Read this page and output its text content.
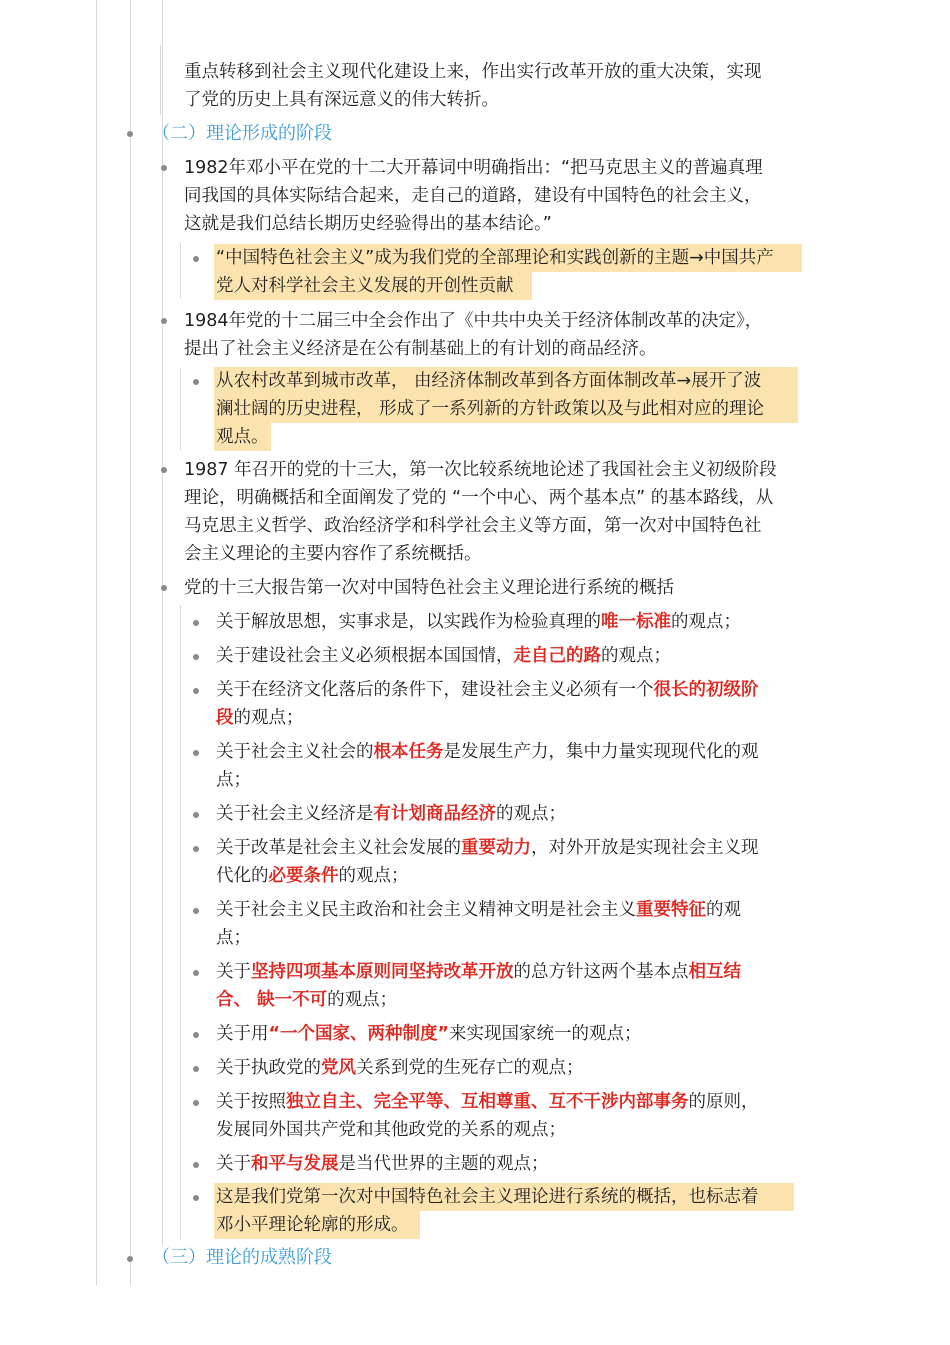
重点转移到社会主义现代化建设上来，作出实行改革开放的重大决策，实现
了党的历史上具有深远意义的伟大转折。
（二）理论形成的阶段
1982年邓小平在党的十二大开幕词中明确指出：“把马克思主义的普遍真理
同我国的具体实际结合起来，走自己的道路，建设有中国特色的社会主义，
这就是我们总结长期历史经验得出的基本结论。”
“中国特色社会主义”成为我们党的全部理论和实践创新的主题→中国共产
党人对科学社会主义发展的开创性贡献
1984年党的十二届三中全会作出了《中共中央关于经济体制改革的决定》，
提出了社会主义经济是在公有制基础上的有计划的商品经济。
从农村改革到城市改革， 由经济体制改革到各方面体制改革→展开了波
澜壮阔的历史进程， 形成了一系列新的方针政策以及与此相对应的理论
观点。
1987 年召开的党的十三大，第一次比较系统地论述了我国社会主义初级阶段
理论，明确概括和全面阐发了党的 “一个中心、两个基本点” 的基本路线，从
马克思主义哲学、政治经济学和科学社会主义等方面，第一次对中国特色社
会主义理论的主要内容作了系统概括。
党的十三大报告第一次对中国特色社会主义理论进行系统的概括
关于解放思想，实事求是，以实践作为检验真理的唯一标准的观点；
关于建设社会主义必须根据本国国情，走自己的路的观点；
关于在经济文化落后的条件下，建设社会主义必须有一个很长的初级阶
段的观点；
关于社会主义社会的根本任务是发展生产力，集中力量实现现代化的观
点；
关于社会主义经济是有计划商品经济的观点；
关于改革是社会主义社会发展的重要动力，对外开放是实现社会主义现
代化的必要条件的观点；
关于社会主义民主政治和社会主义精神文明是社会主义重要特征的观
点；
关于坚持四项基本原则同坚持改革开放的总方针这两个基本点相互结
合、 缺一不可的观点；
关于用“一个国家、两种制度”来实现国家统一的观点；
关于执政党的党风关系到党的生死存亡的观点；
关于按照独立自主、完全平等、互相尊重、互不干涉内部事务的原则，
发展同外国共产党和其他政党的关系的观点；
关于和平与发展是当代世界的主题的观点；
这是我们党第一次对中国特色社会主义理论进行系统的概括，也标志着
邓小平理论轮廓的形成。
（三）理论的成熟阶段
